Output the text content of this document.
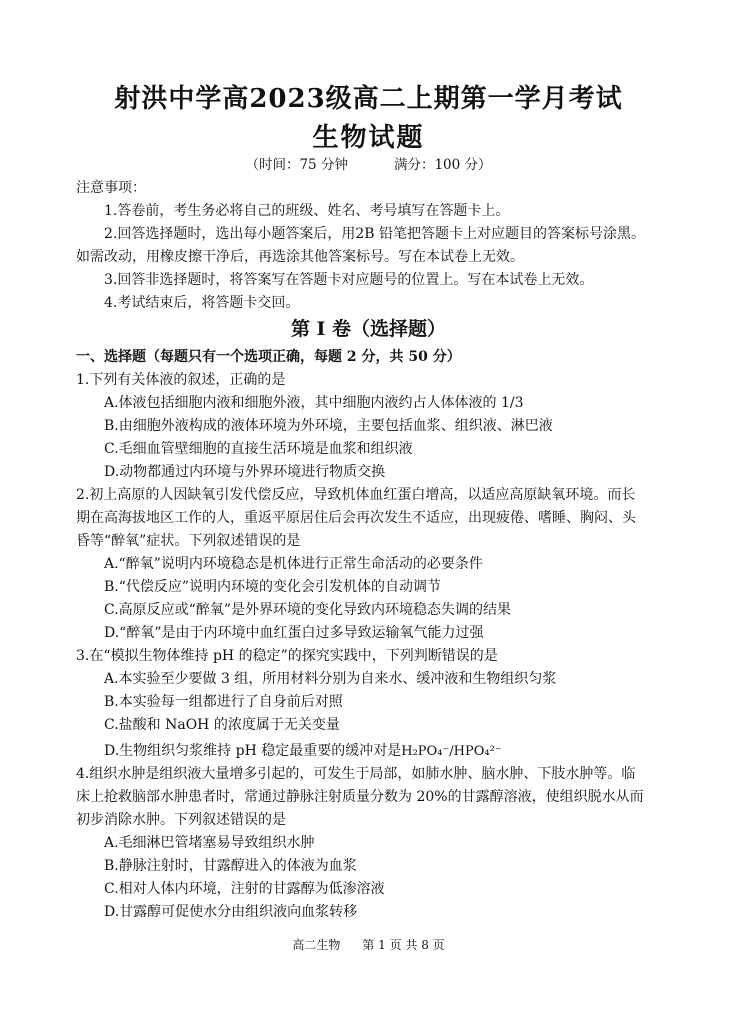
射洪中学高2023级高二上期第一学月考试
生物试题
（时间：75 分钟	满分：100 分）
注意事项：
1.答卷前，考生务必将自己的班级、姓名、考号填写在答题卡上。
2.回答选择题时，选出每小题答案后，用2B 铅笔把答题卡上对应题目的答案标号涂黑。
如需改动，用橡皮擦干净后，再选涂其他答案标号。写在本试卷上无效。
3.回答非选择题时，将答案写在答题卡对应题号的位置上。写在本试卷上无效。
4.考试结束后，将答题卡交回。
第 I 卷（选择题）
一、选择题（每题只有一个选项正确，每题 2 分，共 50 分）
1.下列有关体液的叙述，正确的是
A.体液包括细胞内液和细胞外液，其中细胞内液约占人体体液的 1/3
B.由细胞外液构成的液体环境为外环境，主要包括血浆、组织液、淋巴液
C.毛细血管壁细胞的直接生活环境是血浆和组织液
D.动物都通过内环境与外界环境进行物质交换
2.初上高原的人因缺氧引发代偿反应，导致机体血红蛋白增高，以适应高原缺氧环境。而长
期在高海拔地区工作的人，重返平原居住后会再次发生不适应，出现疲倦、嗜睡、胸闷、头
昏等“醉氧”症状。下列叙述错误的是
A.“醉氧”说明内环境稳态是机体进行正常生命活动的必要条件
B.“代偿反应”说明内环境的变化会引发机体的自动调节
C.高原反应或“醉氧”是外界环境的变化导致内环境稳态失调的结果
D.“醉氧”是由于内环境中血红蛋白过多导致运输氧气能力过强
3.在“模拟生物体维持 pH 的稳定”的探究实践中，下列判断错误的是
A.本实验至少要做 3 组，所用材料分别为自来水、缓冲液和生物组织匀浆
B.本实验每一组都进行了自身前后对照
C.盐酸和 NaOH 的浓度属于无关变量
D.生物组织匀浆维持 pH 稳定最重要的缓冲对是H₂PO₄⁻/HPO₄²⁻
4.组织水肿是组织液大量增多引起的，可发生于局部，如肺水肿、脑水肿、下肢水肿等。临
床上抢救脑部水肿患者时，常通过静脉注射质量分数为 20%的甘露醇溶液，使组织脱水从而
初步消除水肿。下列叙述错误的是
A.毛细淋巴管堵塞易导致组织水肿
B.静脉注射时，甘露醇进入的体液为血浆
C.相对人体内环境，注射的甘露醇为低渗溶液
D.甘露醇可促使水分由组织液向血浆转移
高二生物 第 1 页 共 8 页
